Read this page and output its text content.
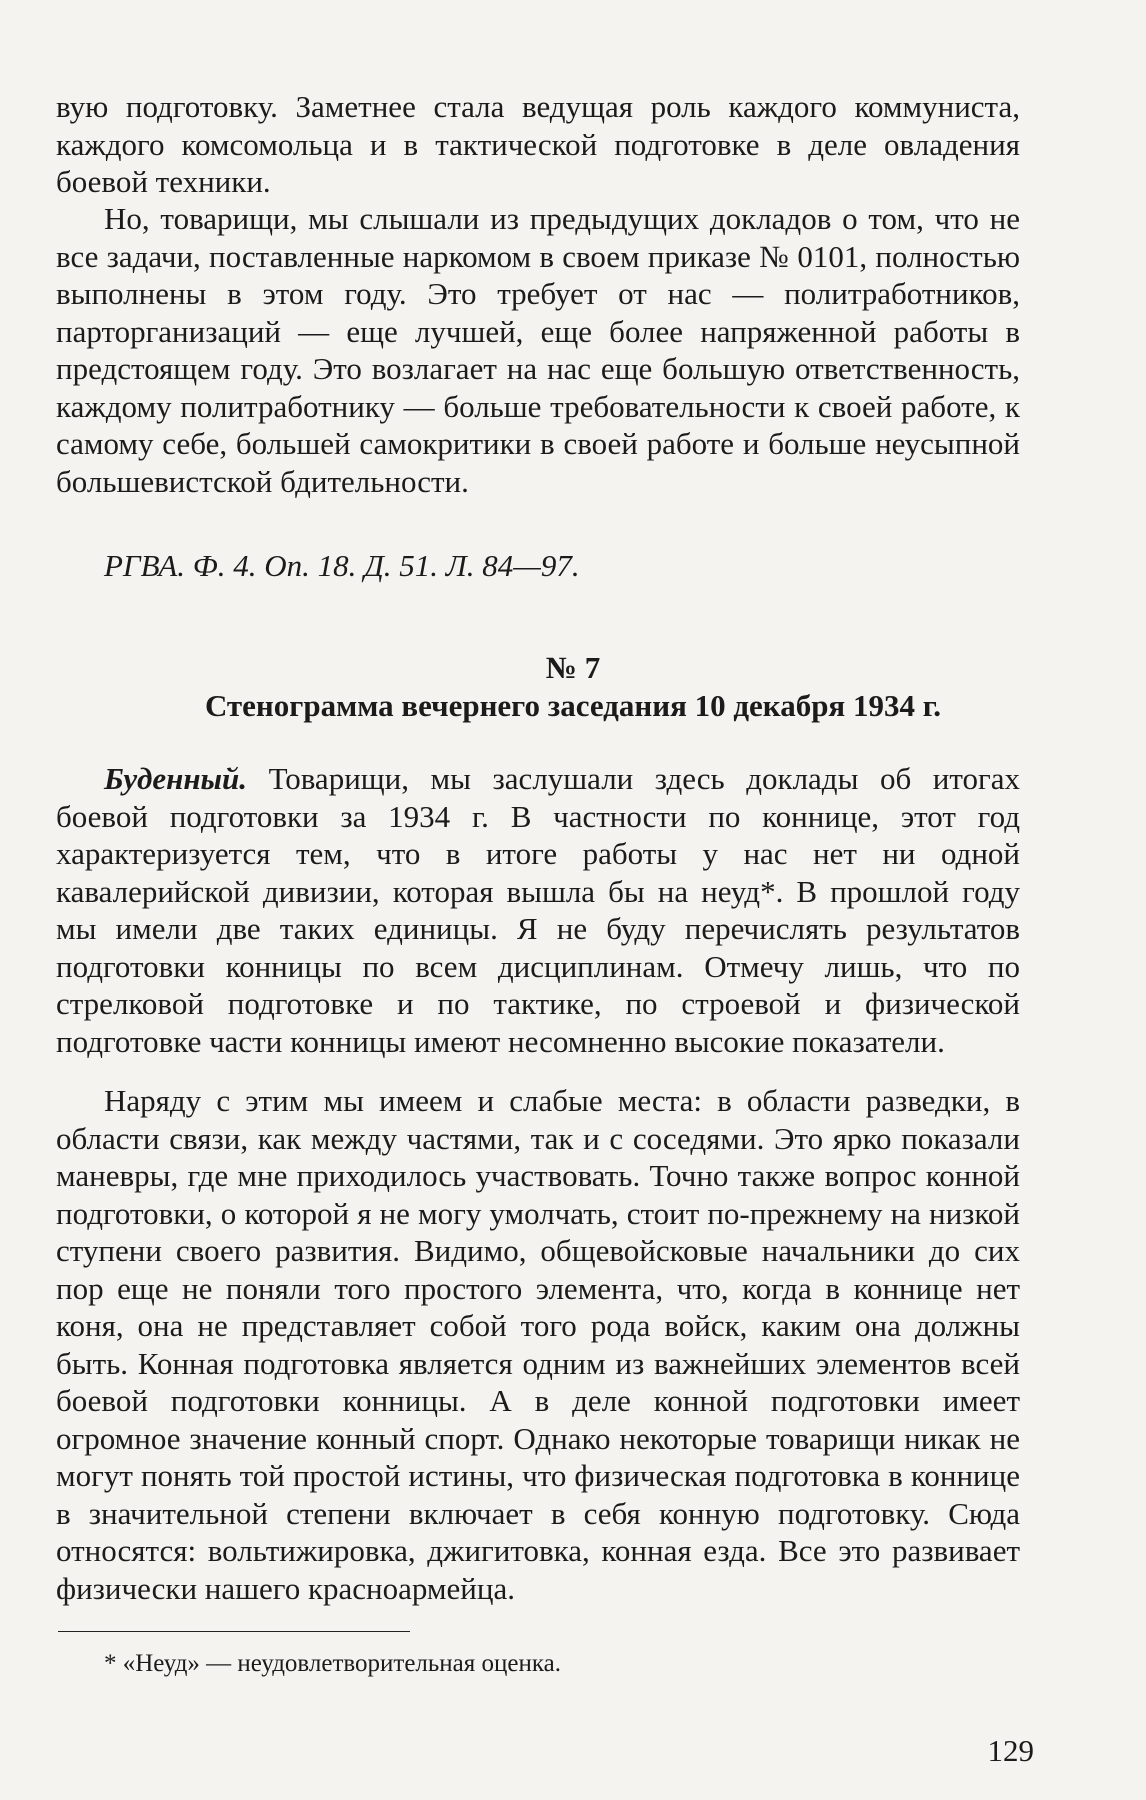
вую подготовку. Заметнее стала ведущая роль каждого коммуниста, каждого комсомольца и в тактической подготовке в деле овладения боевой техники.

Но, товарищи, мы слышали из предыдущих докладов о том, что не все задачи, поставленные наркомом в своем приказе № 0101, полностью выполнены в этом году. Это требует от нас — политработников, парторганизаций — еще лучшей, еще более напряженной работы в предстоящем году. Это возлагает на нас еще большую ответственность, каждому политработнику — больше требовательности к своей работе, к самому себе, большей самокритики в своей работе и больше неусыпной большевистской бдительности.

РГВА. Ф. 4. Оп. 18. Д. 51. Л. 84—97.

№ 7

Стенограмма вечернего заседания 10 декабря 1934 г.

Буденный. Товарищи, мы заслушали здесь доклады об итогах боевой подготовки за 1934 г. В частности по коннице, этот год характеризуется тем, что в итоге работы у нас нет ни одной кавалерийской дивизии, которая вышла бы на неуд*. В прошлой году мы имели две таких единицы. Я не буду перечислять результатов подготовки конницы по всем дисциплинам. Отмечу лишь, что по стрелковой подготовке и по тактике, по строевой и физической подготовке части конницы имеют несомненно высокие показатели.

Наряду с этим мы имеем и слабые места: в области разведки, в области связи, как между частями, так и с соседями. Это ярко показали маневры, где мне приходилось участвовать. Точно также вопрос конной подготовки, о которой я не могу умолчать, стоит по-прежнему на низкой ступени своего развития. Видимо, общевойсковые начальники до сих пор еще не поняли того простого элемента, что, когда в коннице нет коня, она не представляет собой того рода войск, каким она должны быть. Конная подготовка является одним из важнейших элементов всей боевой подготовки конницы. А в деле конной подготовки имеет огромное значение конный спорт. Однако некоторые товарищи никак не могут понять той простой истины, что физическая подготовка в коннице в значительной степени включает в себя конную подготовку. Сюда относятся: вольтижировка, джигитовка, конная езда. Все это развивает физически нашего красноармейца.

* «Неуд» — неудовлетворительная оценка.

129
